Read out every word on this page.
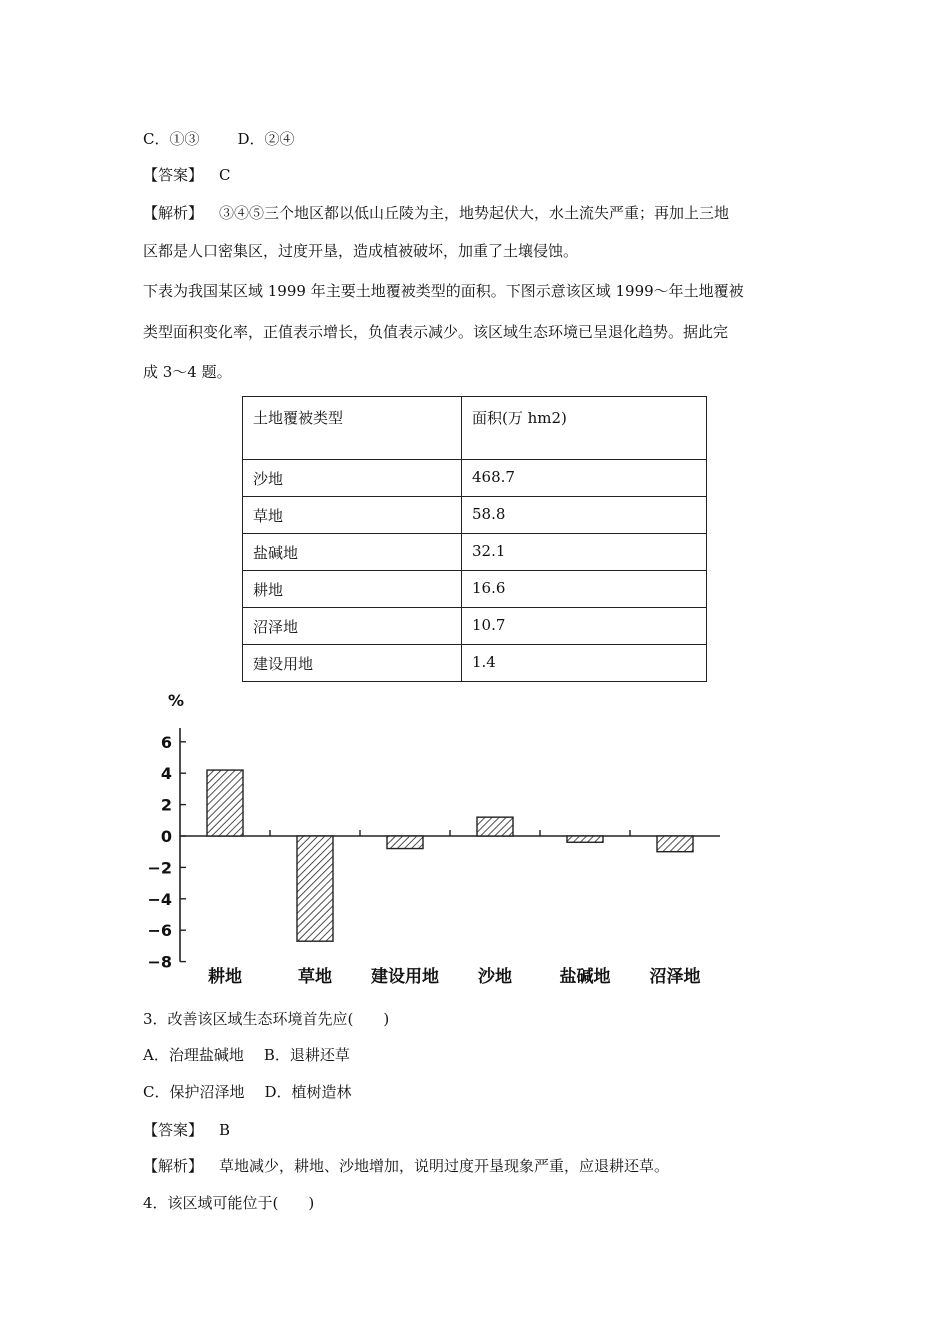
C．①③	D．②④
【答案】 C
【解析】 ③④⑤三个地区都以低山丘陵为主，地势起伏大，水土流失严重；再加上三地
区都是人口密集区，过度开垦，造成植被破坏，加重了土壤侵蚀。
下表为我国某区域 1999 年主要土地覆被类型的面积。下图示意该区域 1999～年土地覆被
类型面积变化率，正值表示增长，负值表示减少。该区域生态环境已呈退化趋势。据此完
成 3～4 题。
土地覆被类型	面积(万 hm2)
沙地	468.7
草地	58.8
盐碱地	32.1
耕地	16.6
沼泽地	10.7
建设用地	1.4
%
6
4
2
0
−2
−4
−6
−8
耕地	草地 建设用地 沙地	盐碱地 沼泽地
3．改善该区域生态环境首先应(　　)
A．治理盐碱地 B．退耕还草
C．保护沼泽地 D．植树造林
【答案】 B
【解析】 草地减少，耕地、沙地增加，说明过度开垦现象严重，应退耕还草。
4．该区域可能位于(　　)
